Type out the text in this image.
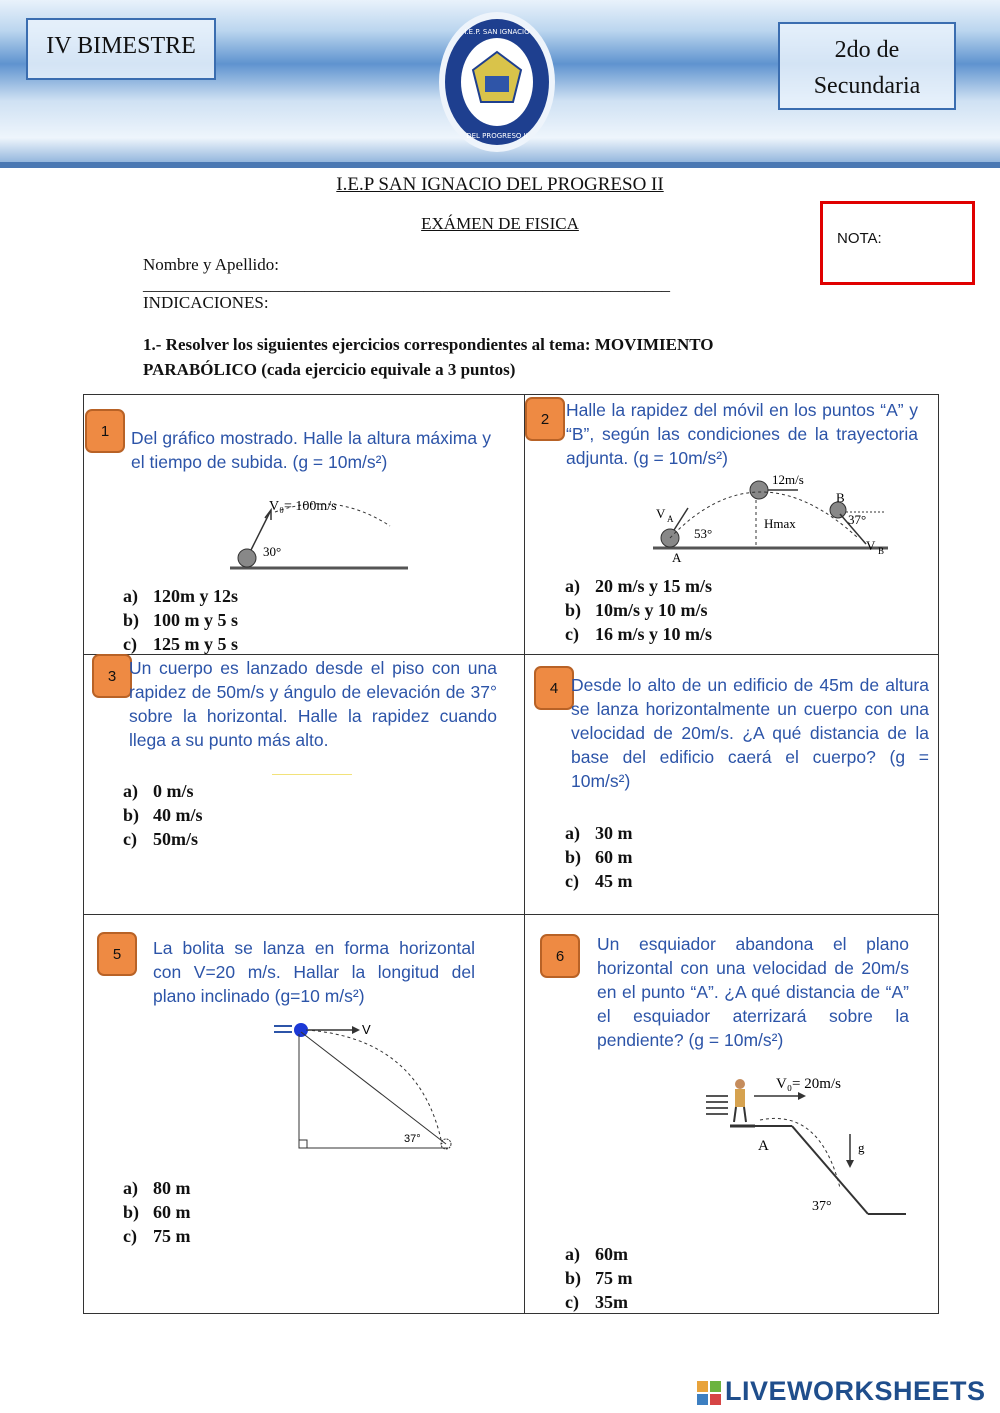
IV BIMESTRE	2do de
Secundaria
I.E.P. SAN IGNACIO
DEL PROGRESO II
I.E.P SAN IGNACIO DEL PROGRESO II
EXÁMEN DE FISICA
NOTA:
Nombre y Apellido: ______________________________________________________________
INDICACIONES:
1.- Resolver los siguientes ejercicios correspondientes al tema: MOVIMIENTO
PARABÓLICO (cada ejercicio equivale a 3 puntos)
1	Del gráfico mostrado. Halle la altura máxima y el tiempo de subida. (g = 10m/s²)
V₀= 100m/s
30°
a) 120m y 12s
b) 100 m y 5 s
c) 125 m y 5 s
2 Halle la rapidez del móvil en los puntos “A” y “B”, según las condiciones de la trayectoria adjunta. (g = 10m/s²)
12m/s
B
V A
53°
Hmax	37°
V B
A
a) 20 m/s y 15 m/s
b) 10m/s y 10 m/s
c) 16 m/s y 10 m/s
3 Un cuerpo es lanzado desde el piso con una rapidez de 50m/s y ángulo de elevación de 37° sobre la horizontal. Halle la rapidez cuando llega a su punto más alto.
a) 0 m/s
b) 40 m/s
c) 50m/s
4 Desde lo alto de un edificio de 45m de altura se lanza horizontalmente un cuerpo con una velocidad de 20m/s. ¿A qué distancia de la base del edificio caerá el cuerpo? (g = 10m/s²)
a) 30 m
b) 60 m
c) 45 m
5	La bolita se lanza en forma horizontal con V=20 m/s. Hallar la longitud del plano inclinado (g=10 m/s²)
V
37°
a) 80 m
b) 60 m
c) 75 m
6
Un esquiador abandona el plano horizontal con una velocidad de 20m/s en el punto “A”. ¿A qué distancia de “A” el esquiador aterrizará sobre la pendiente? (g = 10m/s²)
V₀= 20m/s
A	g
37°
a) 60m
b) 75 m
c) 35m
LIVEWORKSHEETS
